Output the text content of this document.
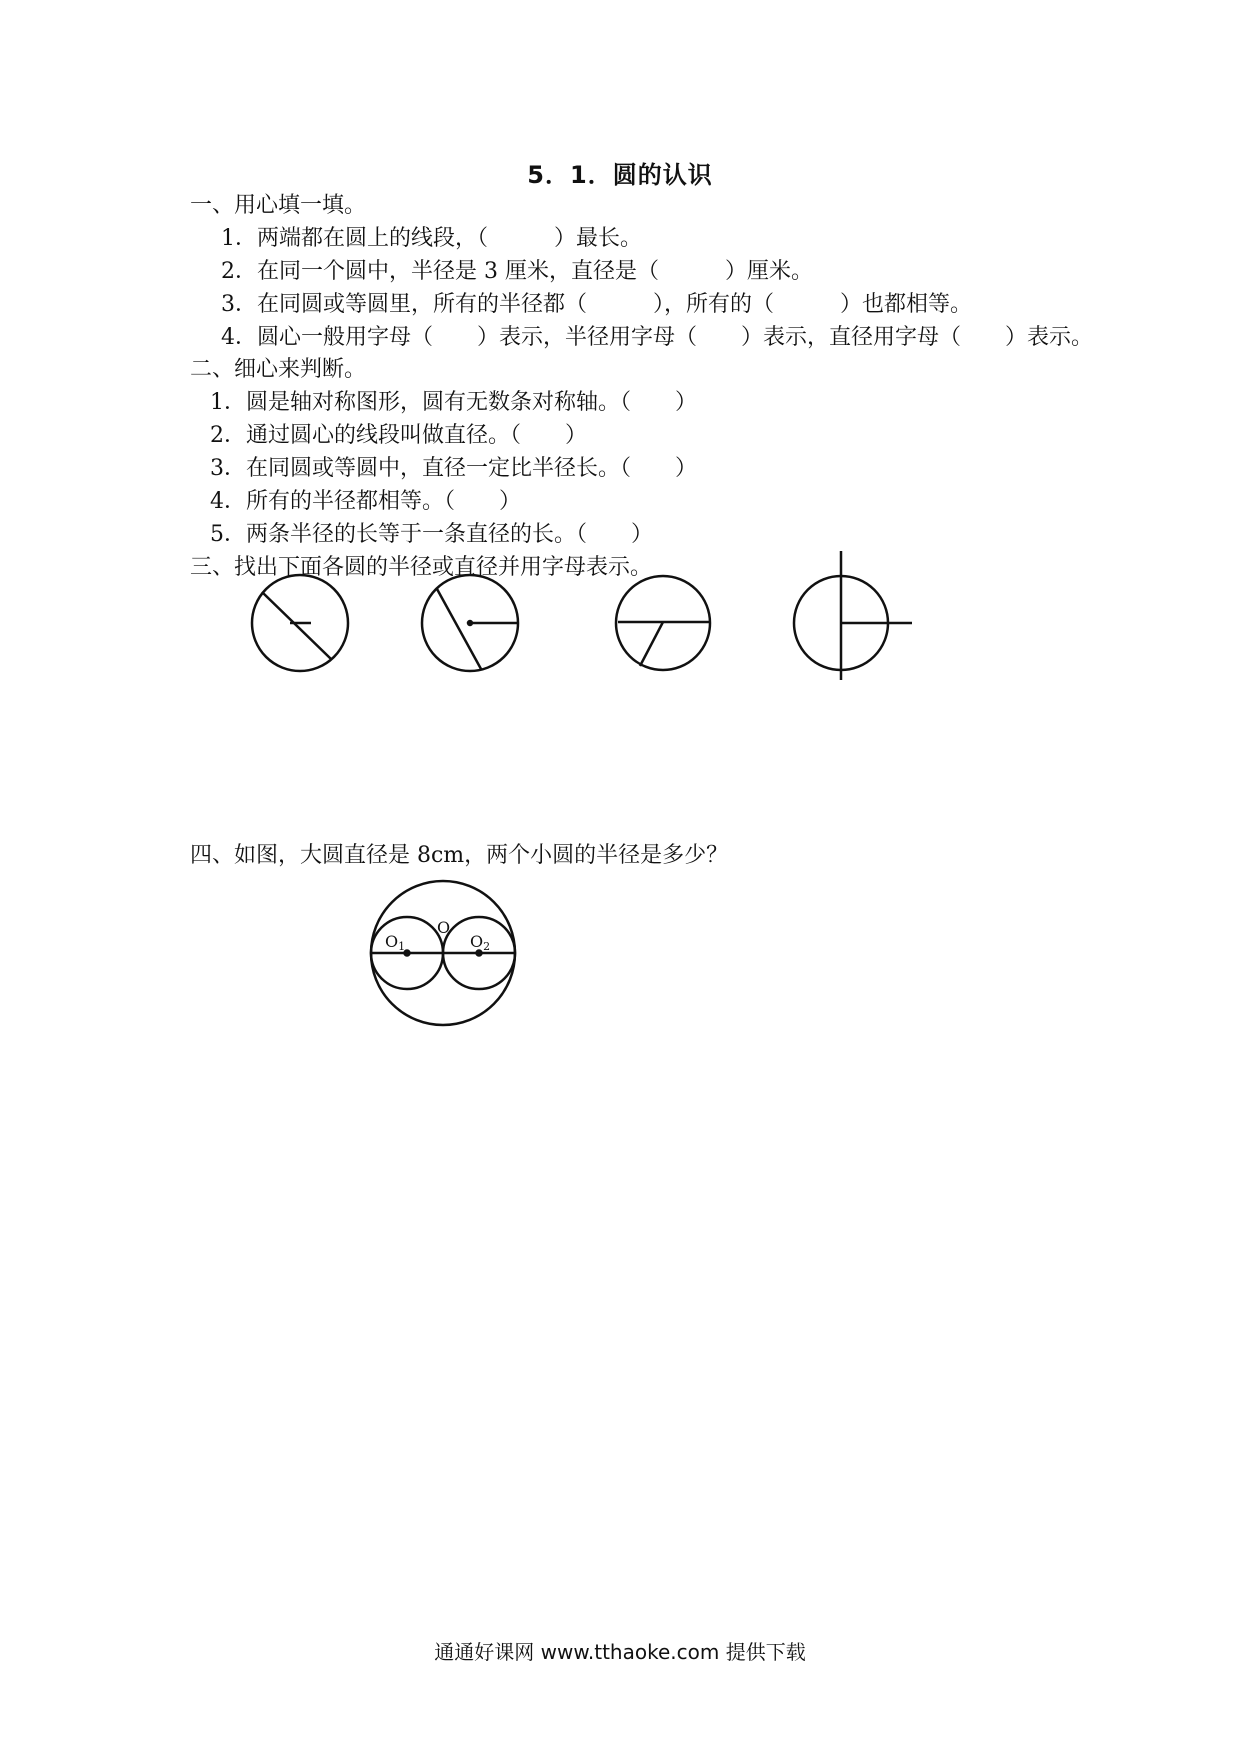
5．1．圆的认识
一、用心填一填。
1．两端都在圆上的线段，（　　　）最长。
2．在同一个圆中，半径是 3 厘米，直径是（　　　）厘米。
3．在同圆或等圆里，所有的半径都（　　　），所有的（　　　）也都相等。
4．圆心一般用字母（　　）表示，半径用字母（　　）表示，直径用字母（　　）表示。
二、细心来判断。
1．圆是轴对称图形，圆有无数条对称轴。（　　）
2．通过圆心的线段叫做直径。（　　）
3．在同圆或等圆中，直径一定比半径长。（　　）
4．所有的半径都相等。（　　）
5．两条半径的长等于一条直径的长。（　　）
三、找出下面各圆的半径或直径并用字母表示。
O1
O
O2
四、如图，大圆直径是 8cm，两个小圆的半径是多少？
通通好课网 www.tthaoke.com 提供下载
